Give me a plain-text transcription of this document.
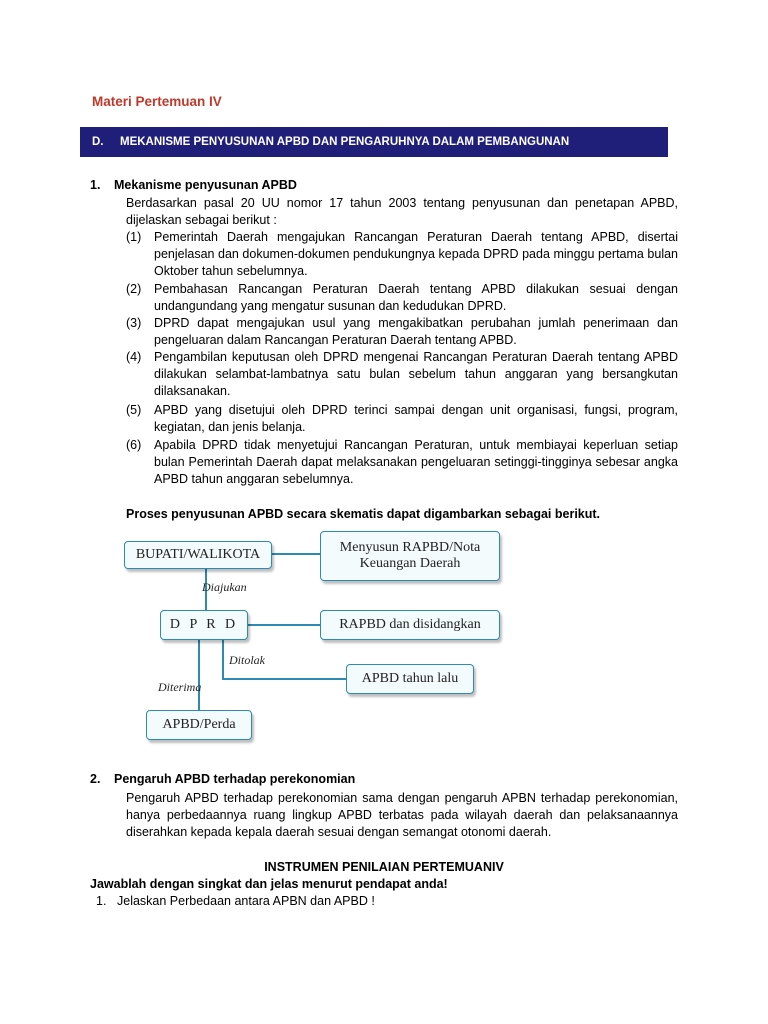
Materi Pertemuan IV
D.	MEKANISME PENYUSUNAN APBD DAN PENGARUHNYA DALAM PEMBANGUNAN
1. Mekanisme penyusunan APBD
Berdasarkan pasal 20 UU nomor 17 tahun 2003 tentang penyusunan dan penetapan APBD, dijelaskan sebagai berikut :
(1) Pemerintah Daerah mengajukan Rancangan Peraturan Daerah tentang APBD, disertai penjelasan dan dokumen-dokumen pendukungnya kepada DPRD pada minggu pertama bulan Oktober tahun sebelumnya.
(2) Pembahasan Rancangan Peraturan Daerah tentang APBD dilakukan sesuai dengan undangundang yang mengatur susunan dan kedudukan DPRD.
(3) DPRD dapat mengajukan usul yang mengakibatkan perubahan jumlah penerimaan dan pengeluaran dalam Rancangan Peraturan Daerah tentang APBD.
(4) Pengambilan keputusan oleh DPRD mengenai Rancangan Peraturan Daerah tentang APBD dilakukan selambat-lambatnya satu bulan sebelum tahun anggaran yang bersangkutan dilaksanakan.
(5) APBD yang disetujui oleh DPRD terinci sampai dengan unit organisasi, fungsi, program, kegiatan, dan jenis belanja.
(6) Apabila DPRD tidak menyetujui Rancangan Peraturan, untuk membiayai keperluan setiap bulan Pemerintah Daerah dapat melaksanakan pengeluaran setinggi-tingginya sebesar angka APBD tahun anggaran sebelumnya.
Proses penyusunan APBD secara skematis dapat digambarkan sebagai berikut.
BUPATI/WALIKOTA	Menyusun RAPBD/Nota
Keuangan Daerah
Diajukan
D P R D	RAPBD dan disidangkan
Ditolak
APBD tahun lalu
Diterima
APBD/Perda
2. Pengaruh APBD terhadap perekonomian
Pengaruh APBD terhadap perekonomian sama dengan pengaruh APBN terhadap perekonomian, hanya perbedaannya ruang lingkup APBD terbatas pada wilayah daerah dan pelaksanaannya diserahkan kepada kepala daerah sesuai dengan semangat otonomi daerah.
INSTRUMEN PENILAIAN PERTEMUANIV
Jawablah dengan singkat dan jelas menurut pendapat anda!
1. Jelaskan Perbedaan antara APBN dan APBD !
